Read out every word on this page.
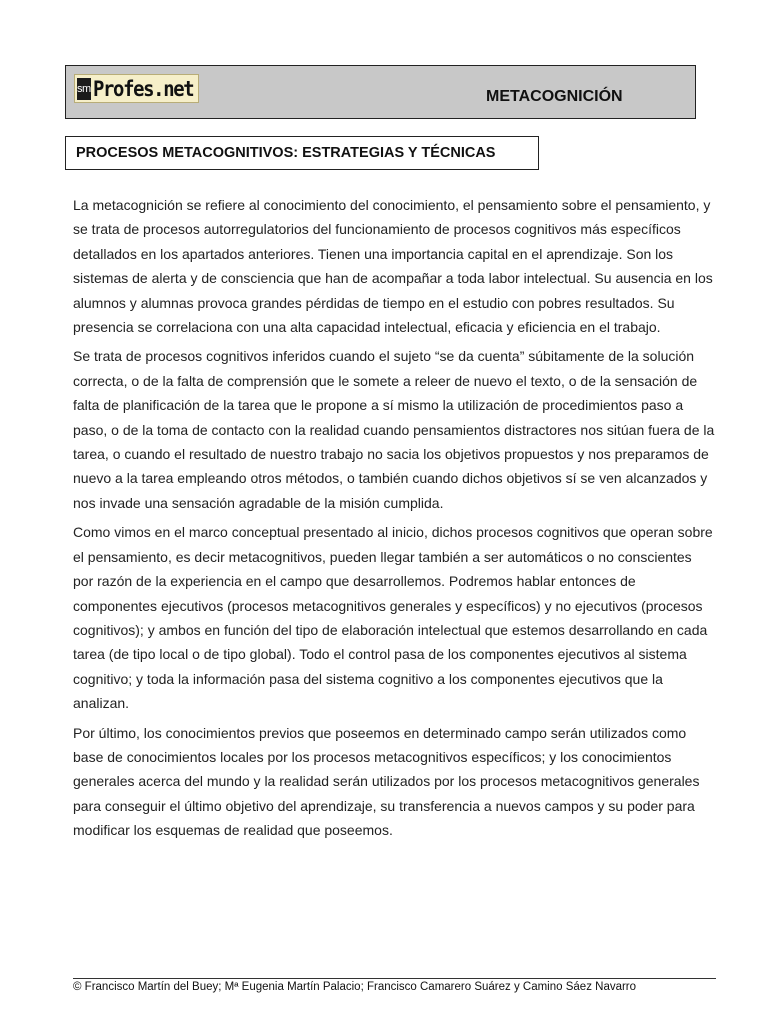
sm Profes.net	METACOGNICIÓN
PROCESOS METACOGNITIVOS: ESTRATEGIAS Y TÉCNICAS

La metacognición se refiere al conocimiento del conocimiento, el pensamiento sobre el pensamiento, y se trata de procesos autorregulatorios del funcionamiento de procesos cognitivos más específicos detallados en los apartados anteriores. Tienen una importancia capital en el aprendizaje. Son los sistemas de alerta y de consciencia que han de acompañar a toda labor intelectual. Su ausencia en los alumnos y alumnas provoca grandes pérdidas de tiempo en el estudio con pobres resultados. Su presencia se correlaciona con una alta capacidad intelectual, eficacia y eficiencia en el trabajo.

Se trata de procesos cognitivos inferidos cuando el sujeto “se da cuenta” súbitamente de la solución correcta, o de la falta de comprensión que le somete a releer de nuevo el texto, o de la sensación de falta de planificación de la tarea que le propone a sí mismo la utilización de procedimientos paso a paso, o de la toma de contacto con la realidad cuando pensamientos distractores nos sitúan fuera de la tarea, o cuando el resultado de nuestro trabajo no sacia los objetivos propuestos y nos preparamos de nuevo a la tarea empleando otros métodos, o también cuando dichos objetivos sí se ven alcanzados y nos invade una sensación agradable de la misión cumplida.

Como vimos en el marco conceptual presentado al inicio, dichos procesos cognitivos que operan sobre el pensamiento, es decir metacognitivos, pueden llegar también a ser automáticos o no conscientes por razón de la experiencia en el campo que desarrollemos. Podremos hablar entonces de componentes ejecutivos (procesos metacognitivos generales y específicos) y no ejecutivos (procesos cognitivos); y ambos en función del tipo de elaboración intelectual que estemos desarrollando en cada tarea (de tipo local o de tipo global). Todo el control pasa de los componentes ejecutivos al sistema cognitivo; y toda la información pasa del sistema cognitivo a los componentes ejecutivos que la analizan.

Por último, los conocimientos previos que poseemos en determinado campo serán utilizados como base de conocimientos locales por los procesos metacognitivos específicos; y los conocimientos generales acerca del mundo y la realidad serán utilizados por los procesos metacognitivos generales para conseguir el último objetivo del aprendizaje, su transferencia a nuevos campos y su poder para modificar los esquemas de realidad que poseemos.

© Francisco Martín del Buey; Mª Eugenia Martín Palacio; Francisco Camarero Suárez y Camino Sáez Navarro
